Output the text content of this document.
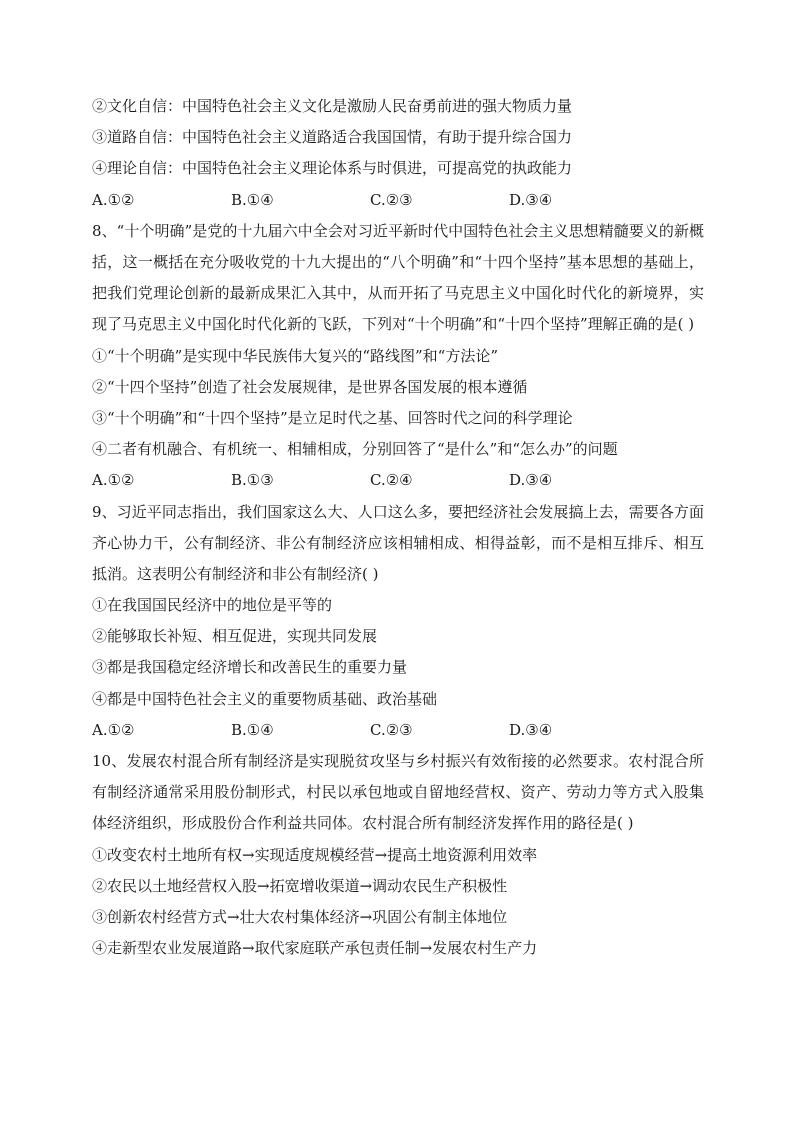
②文化自信：中国特色社会主义文化是激励人民奋勇前进的强大物质力量
③道路自信：中国特色社会主义道路适合我国国情，有助于提升综合国力
④理论自信：中国特色社会主义理论体系与时俱进，可提高党的执政能力
A.①②	B.①④	C.②③	D.③④
8、“十个明确”是党的十九届六中全会对习近平新时代中国特色社会主义思想精髓要义的新概括，这一概括在充分吸收党的十九大提出的“八个明确”和“十四个坚持”基本思想的基础上，把我们党理论创新的最新成果汇入其中，从而开拓了马克思主义中国化时代化的新境界，实现了马克思主义中国化时代化新的飞跃，下列对“十个明确”和“十四个坚持”理解正确的是( )
①“十个明确”是实现中华民族伟大复兴的“路线图”和“方法论”
②“十四个坚持”创造了社会发展规律，是世界各国发展的根本遵循
③“十个明确”和“十四个坚持”是立足时代之基、回答时代之问的科学理论
④二者有机融合、有机统一、相辅相成，分别回答了“是什么”和“怎么办”的问题
A.①②	B.①③	C.②④	D.③④
9、习近平同志指出，我们国家这么大、人口这么多，要把经济社会发展搞上去，需要各方面齐心协力干，公有制经济、非公有制经济应该相辅相成、相得益彰，而不是相互排斥、相互抵消。这表明公有制经济和非公有制经济( )
①在我国国民经济中的地位是平等的
②能够取长补短、相互促进，实现共同发展
③都是我国稳定经济增长和改善民生的重要力量
④都是中国特色社会主义的重要物质基础、政治基础
A.①②	B.①④	C.②③	D.③④
10、发展农村混合所有制经济是实现脱贫攻坚与乡村振兴有效衔接的必然要求。农村混合所有制经济通常采用股份制形式，村民以承包地或自留地经营权、资产、劳动力等方式入股集体经济组织，形成股份合作利益共同体。农村混合所有制经济发挥作用的路径是( )
①改变农村土地所有权→实现适度规模经营→提高土地资源利用效率
②农民以土地经营权入股→拓宽增收渠道→调动农民生产积极性
③创新农村经营方式→壮大农村集体经济→巩固公有制主体地位
④走新型农业发展道路→取代家庭联产承包责任制→发展农村生产力
